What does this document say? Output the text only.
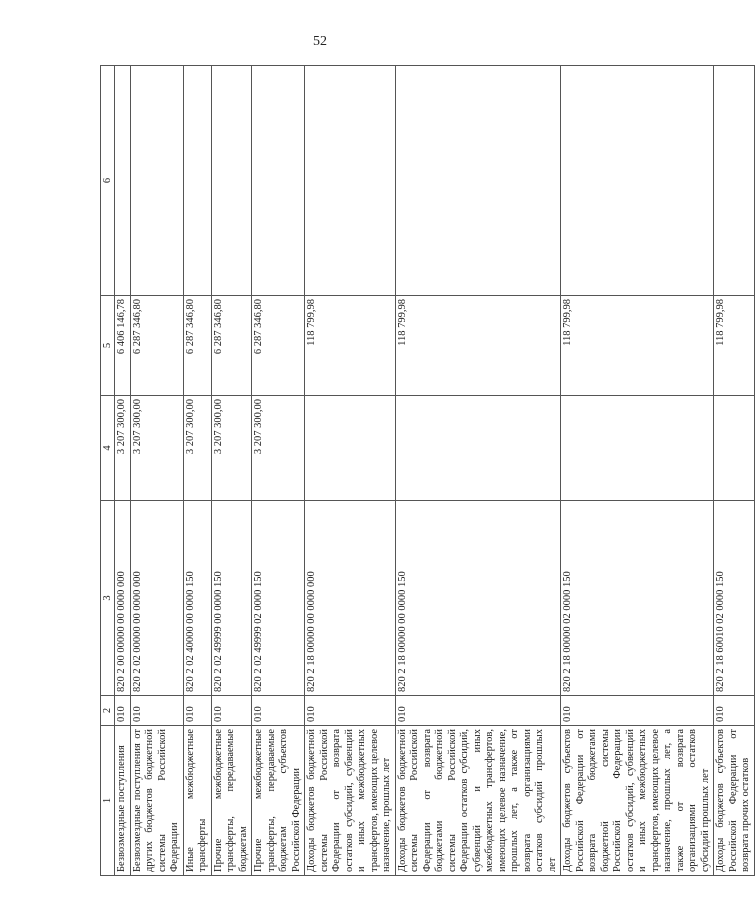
52
1	2	3	4	5	6
Безвозмездные поступления	010	820 2 00 00000 00 0000 000	3 207 300,00	6 406 146,78	
Безвозмездные поступления от других бюджетов бюджетной системы Российской Федерации	010	820 2 02 00000 00 0000 000	3 207 300,00	6 287 346,80	
Иные межбюджетные трансферты	010	820 2 02 40000 00 0000 150	3 207 300,00	6 287 346,80	
Прочие межбюджетные трансферты, передаваемые бюджетам	010	820 2 02 49999 00 0000 150	3 207 300,00	6 287 346,80	
Прочие межбюджетные трансферты, передаваемые бюджетам субъектов Российской Федерации	010	820 2 02 49999 02 0000 150	3 207 300,00	6 287 346,80	
Доходы бюджетов бюджетной системы Российской Федерации от возврата остатков субсидий, субвенций и иных межбюджетных трансфертов, имеющих целевое назначение, прошлых лет	010	820 2 18 00000 00 0000 000		118 799,98	
Доходы бюджетов бюджетной системы Российской Федерации от возврата бюджетами бюджетной системы Российской Федерации остатков субсидий, субвенций и иных межбюджетных трансфертов, имеющих целевое назначение, прошлых лет, а также от возврата организациями остатков субсидий прошлых лет	010	820 2 18 00000 00 0000 150		118 799,98	
Доходы бюджетов субъектов Российской Федерации от возврата бюджетами бюджетной системы Российской Федерации остатков субсидий, субвенций и иных межбюджетных трансфертов, имеющих целевое назначение, прошлых лет, а также от возврата организациями остатков субсидий прошлых лет	010	820 2 18 00000 02 0000 150		118 799,98	
Доходы бюджетов субъектов Российской Федерации от возврата прочих остатков	010	820 2 18 60010 02 0000 150		118 799,98	
